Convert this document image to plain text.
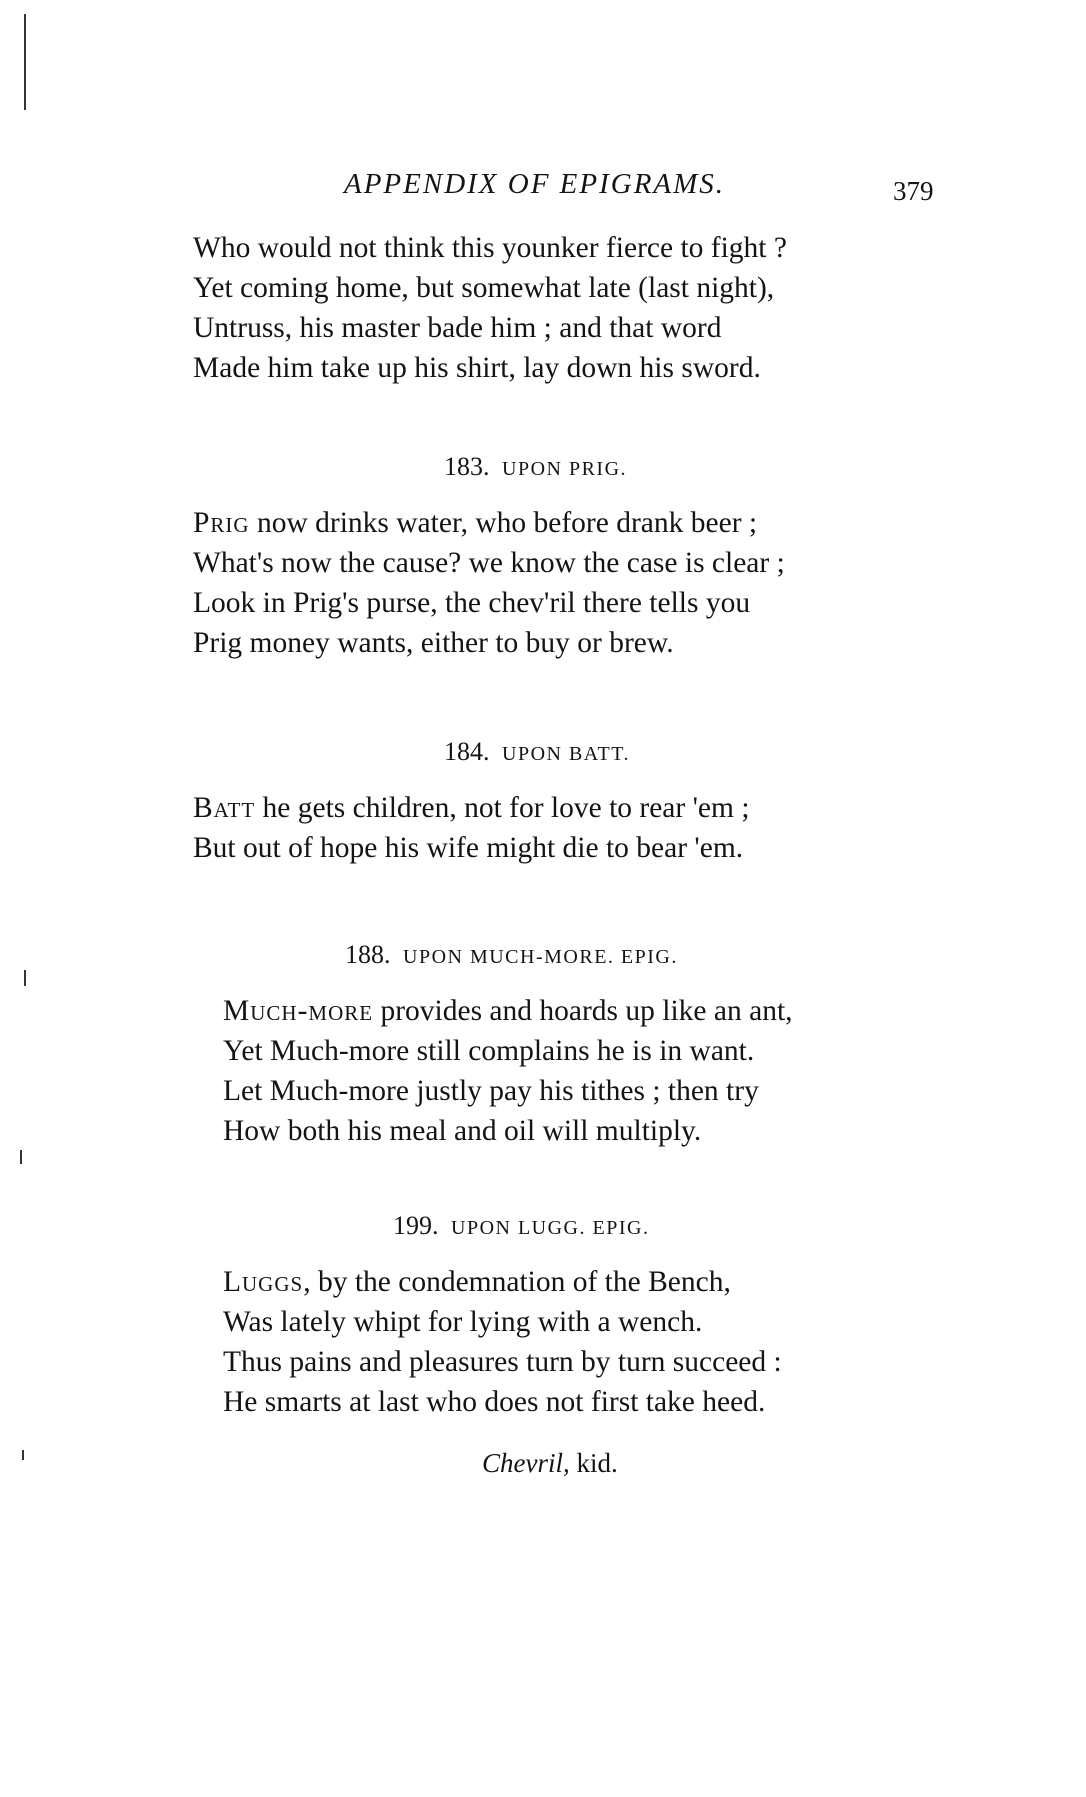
APPENDIX OF EPIGRAMS.	379
Who would not think this younker fierce to fight ?
Yet coming home, but somewhat late (last night),
Untruss, his master bade him ; and that word
Made him take up his shirt, lay down his sword.
183. UPON PRIG.
Prig now drinks water, who before drank beer ;
What's now the cause? we know the case is clear ;
Look in Prig's purse, the chev'ril there tells you
Prig money wants, either to buy or brew.
184. UPON BATT.
Batt he gets children, not for love to rear 'em ;
But out of hope his wife might die to bear 'em.
188. UPON MUCH-MORE. EPIG.
Much-more provides and hoards up like an ant,
Yet Much-more still complains he is in want.
Let Much-more justly pay his tithes ; then try
How both his meal and oil will multiply.
199. UPON LUGG. EPIG.
Luggs, by the condemnation of the Bench,
Was lately whipt for lying with a wench.
Thus pains and pleasures turn by turn succeed :
He smarts at last who does not first take heed.
Chevril, kid.
